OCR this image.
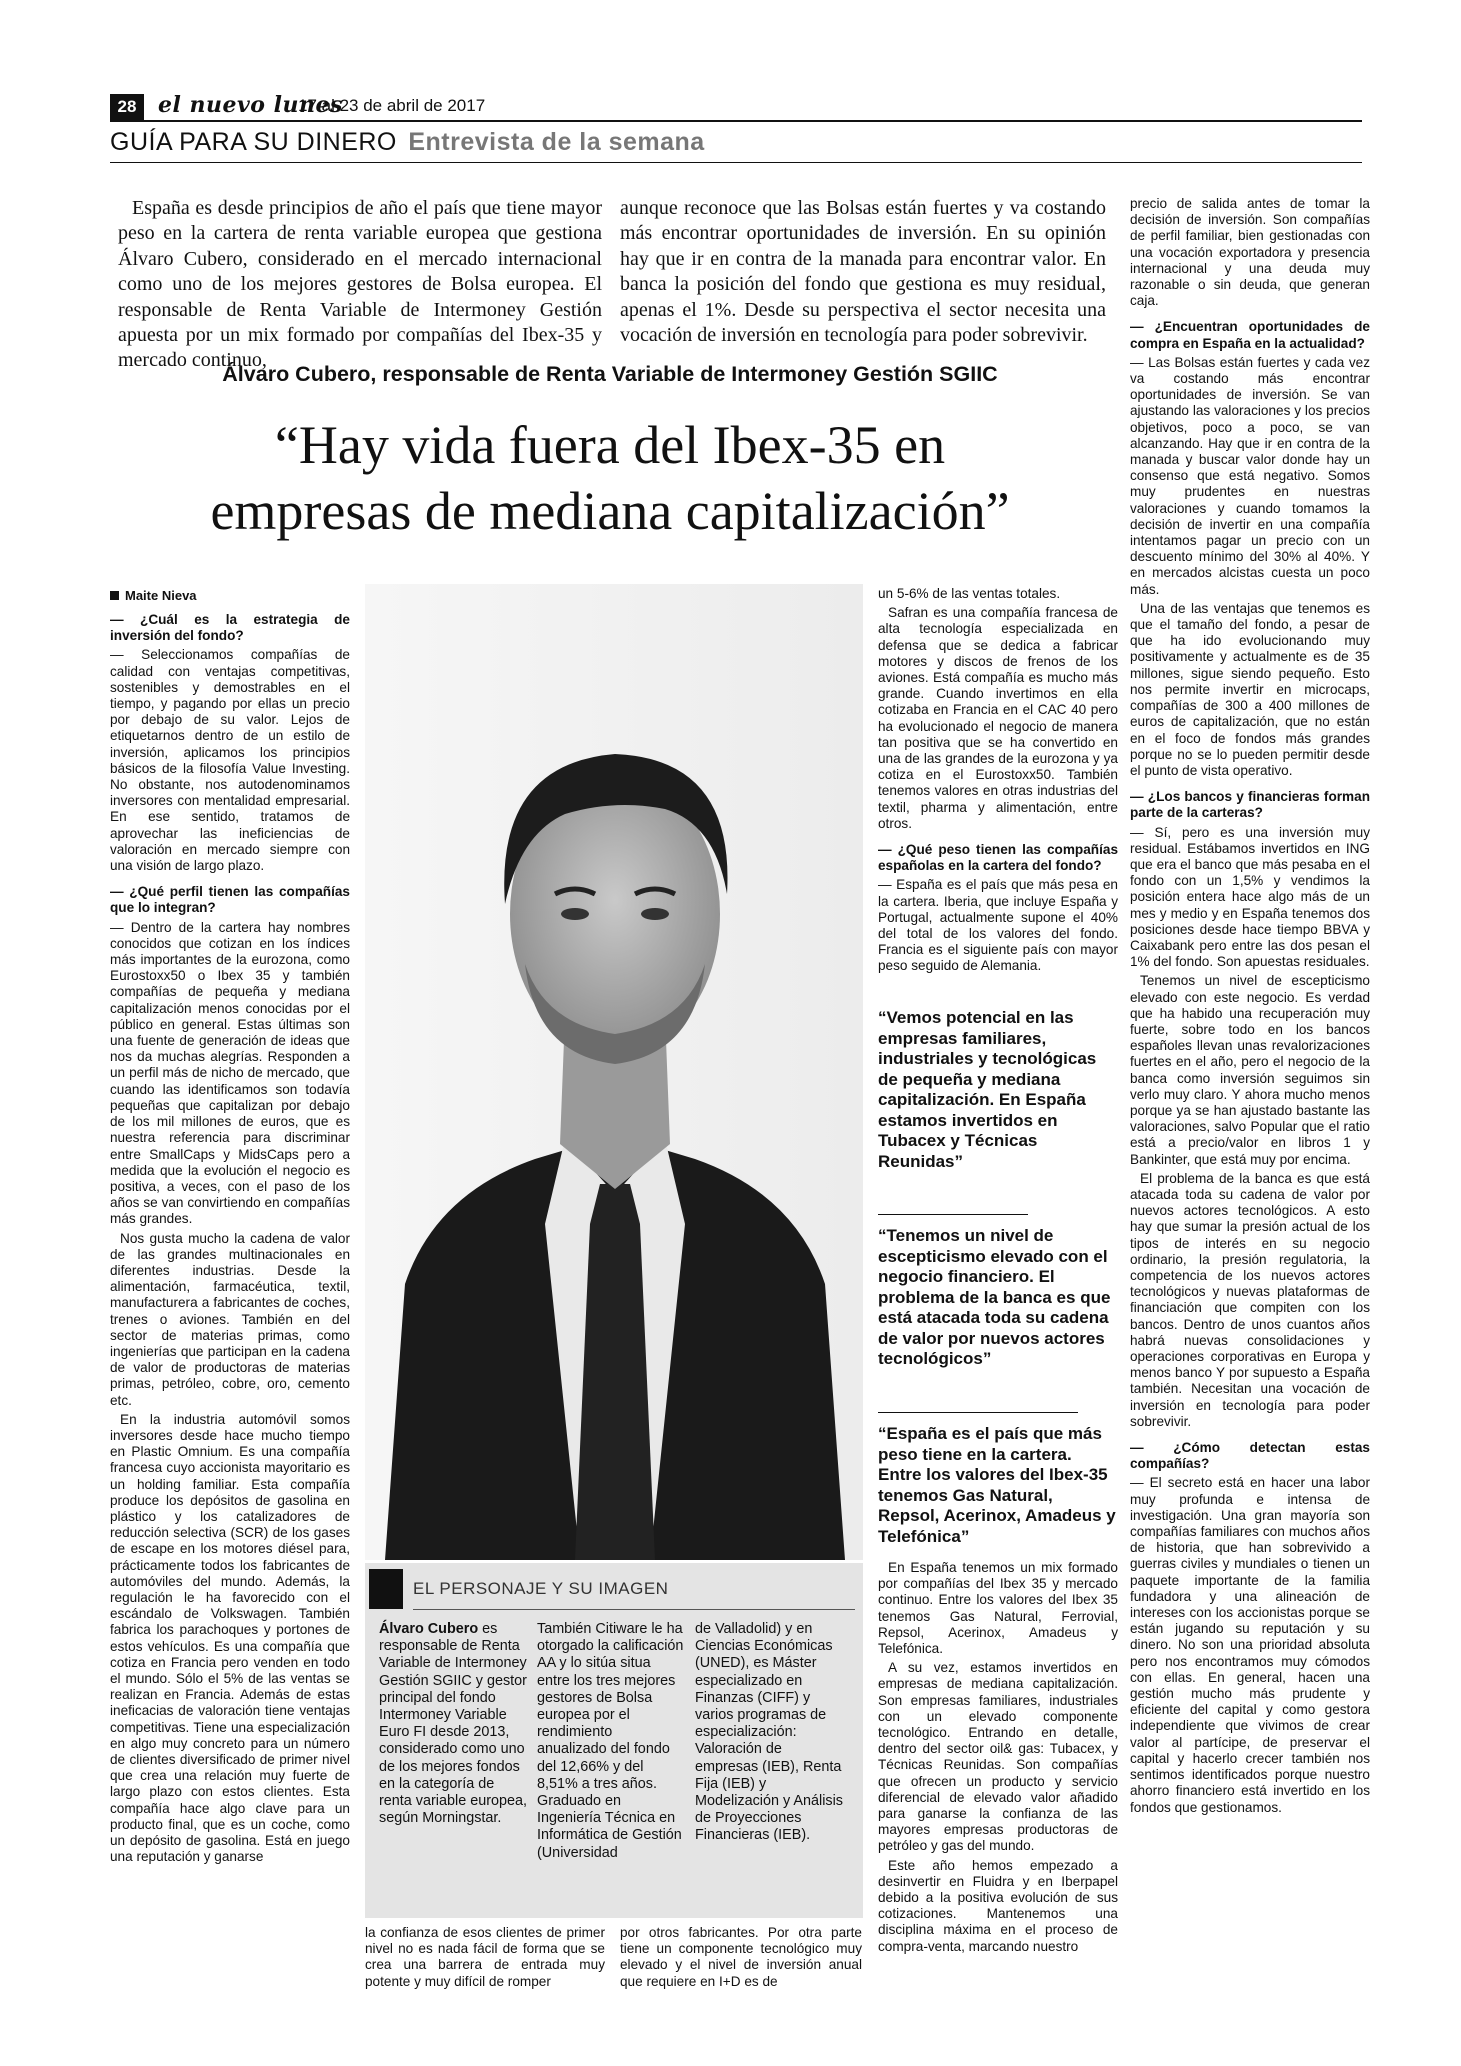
28 el nuevo lunes
17 al 23 de abril de 2017
GUÍA PARA SU DINERO Entrevista de la semana

España es desde principios de año el país que tiene mayor peso en la cartera de renta variable europea que gestiona Álvaro Cubero, considerado en el mercado internacional como uno de los mejores gestores de Bolsa europea. El responsable de Renta Variable de Intermoney Gestión apuesta por un mix formado por compañías del Ibex-35 y mercado continuo,

aunque reconoce que las Bolsas están fuertes y va costando más encontrar oportunidades de inversión. En su opinión hay que ir en contra de la manada para encontrar valor. En banca la posición del fondo que gestiona es muy residual, apenas el 1%. Desde su perspectiva el sector necesita una vocación de inversión en tecnología para poder sobrevivir.

Álvaro Cubero, responsable de Renta Variable de Intermoney Gestión SGIIC
“Hay vida fuera del Ibex-35 en
empresas de mediana capitalización”
Maite Nieva

— ¿Cuál es la estrategia de inversión del fondo?

— Seleccionamos compañías de calidad con ventajas competitivas, sostenibles y demostrables en el tiempo, y pagando por ellas un precio por debajo de su valor. Lejos de etiquetarnos dentro de un estilo de inversión, aplicamos los principios básicos de la filosofía Value Investing. No obstante, nos autodenominamos inversores con mentalidad empresarial. En ese sentido, tratamos de aprovechar las ineficiencias de valoración en mercado siempre con una visión de largo plazo.

— ¿Qué perfil tienen las compañías que lo integran?

— Dentro de la cartera hay nombres conocidos que cotizan en los índices más importantes de la eurozona, como Eurostoxx50 o Ibex 35 y también compañías de pequeña y mediana capitalización menos conocidas por el público en general. Estas últimas son una fuente de generación de ideas que nos da muchas alegrías. Responden a un perfil más de nicho de mercado, que cuando las identificamos son todavía pequeñas que capitalizan por debajo de los mil millones de euros, que es nuestra referencia para discriminar entre SmallCaps y MidsCaps pero a medida que la evolución el negocio es positiva, a veces, con el paso de los años se van convirtiendo en compañías más grandes.

Nos gusta mucho la cadena de valor de las grandes multinacionales en diferentes industrias. Desde la alimentación, farmacéutica, textil, manufacturera a fabricantes de coches, trenes o aviones. También en del sector de materias primas, como ingenierías que participan en la cadena de valor de productoras de materias primas, petróleo, cobre, oro, cemento etc.

En la industria automóvil somos inversores desde hace mucho tiempo en Plastic Omnium. Es una compañía francesa cuyo accionista mayoritario es un holding familiar. Esta compañía produce los depósitos de gasolina en plástico y los catalizadores de reducción selectiva (SCR) de los gases de escape en los motores diésel para, prácticamente todos los fabricantes de automóviles del mundo. Además, la regulación le ha favorecido con el escándalo de Volkswagen. También fabrica los parachoques y portones de estos vehículos. Es una compañía que cotiza en Francia pero venden en todo el mundo. Sólo el 5% de las ventas se realizan en Francia. Además de estas ineficacias de valoración tiene ventajas competitivas. Tiene una especialización en algo muy concreto para un número de clientes diversificado de primer nivel que crea una relación muy fuerte de largo plazo con estos clientes. Esta compañía hace algo clave para un producto final, que es un coche, como un depósito de gasolina. Está en juego una reputación y ganarse

EL PERSONAJE Y SU IMAGEN
Álvaro Cubero es responsable de Renta Variable de Intermoney Gestión SGIIC y gestor principal del fondo Intermoney Variable Euro FI desde 2013, considerado como uno de los mejores fondos en la categoría de renta variable europea, según Morningstar.
También Citiware le ha otorgado la calificación AA y lo sitúa situa entre los tres mejores gestores de Bolsa europea por el rendimiento anualizado del fondo del 12,66% y del 8,51% a tres años. Graduado en Ingeniería Técnica en Informática de Gestión (Universidad
de Valladolid) y en Ciencias Económicas (UNED), es Máster especializado en Finanzas (CIFF) y varios programas de especialización: Valoración de empresas (IEB), Renta Fija (IEB) y Modelización y Análisis de Proyecciones Financieras (IEB).

la confianza de esos clientes de primer nivel no es nada fácil de forma que se crea una barrera de entrada muy potente y muy difícil de romper

por otros fabricantes. Por otra parte tiene un componente tecnológico muy elevado y el nivel de inversión anual que requiere en I+D es de

un 5-6% de las ventas totales.

Safran es una compañía francesa de alta tecnología especializada en defensa que se dedica a fabricar motores y discos de frenos de los aviones. Está compañía es mucho más grande. Cuando invertimos en ella cotizaba en Francia en el CAC 40 pero ha evolucionado el negocio de manera tan positiva que se ha convertido en una de las grandes de la eurozona y ya cotiza en el Eurostoxx50. También tenemos valores en otras industrias del textil, pharma y alimentación, entre otros.

— ¿Qué peso tienen las compañías españolas en la cartera del fondo?

— España es el país que más pesa en la cartera. Iberia, que incluye España y Portugal, actualmente supone el 40% del total de los valores del fondo. Francia es el siguiente país con mayor peso seguido de Alemania.

“Vemos potencial en las empresas familiares, industriales y tecnológicas de pequeña y mediana capitalización. En España estamos invertidos en Tubacex y Técnicas Reunidas”
“Tenemos un nivel de escepticismo elevado con el negocio financiero. El problema de la banca es que está atacada toda su cadena de valor por nuevos actores tecnológicos”
“España es el país que más peso tiene en la cartera. Entre los valores del Ibex-35 tenemos Gas Natural, Repsol, Acerinox, Amadeus y Telefónica”

En España tenemos un mix formado por compañías del Ibex 35 y mercado continuo. Entre los valores del Ibex 35 tenemos Gas Natural, Ferrovial, Repsol, Acerinox, Amadeus y Telefónica.

A su vez, estamos invertidos en empresas de mediana capitalización. Son empresas familiares, industriales con un elevado componente tecnológico. Entrando en detalle, dentro del sector oil& gas: Tubacex, y Técnicas Reunidas. Son compañías que ofrecen un producto y servicio diferencial de elevado valor añadido para ganarse la confianza de las mayores empresas productoras de petróleo y gas del mundo.

Este año hemos empezado a desinvertir en Fluidra y en Iberpapel debido a la positiva evolución de sus cotizaciones. Mantenemos una disciplina máxima en el proceso de compra-venta, marcando nuestro

precio de salida antes de tomar la decisión de inversión. Son compañías de perfil familiar, bien gestionadas con una vocación exportadora y presencia internacional y una deuda muy razonable o sin deuda, que generan caja.

— ¿Encuentran oportunidades de compra en España en la actualidad?

— Las Bolsas están fuertes y cada vez va costando más encontrar oportunidades de inversión. Se van ajustando las valoraciones y los precios objetivos, poco a poco, se van alcanzando. Hay que ir en contra de la manada y buscar valor donde hay un consenso que está negativo. Somos muy prudentes en nuestras valoraciones y cuando tomamos la decisión de invertir en una compañía intentamos pagar un precio con un descuento mínimo del 30% al 40%. Y en mercados alcistas cuesta un poco más.

Una de las ventajas que tenemos es que el tamaño del fondo, a pesar de que ha ido evolucionando muy positivamente y actualmente es de 35 millones, sigue siendo pequeño. Esto nos permite invertir en microcaps, compañías de 300 a 400 millones de euros de capitalización, que no están en el foco de fondos más grandes porque no se lo pueden permitir desde el punto de vista operativo.

— ¿Los bancos y financieras forman parte de la carteras?

— Sí, pero es una inversión muy residual. Estábamos invertidos en ING que era el banco que más pesaba en el fondo con un 1,5% y vendimos la posición entera hace algo más de un mes y medio y en España tenemos dos posiciones desde hace tiempo BBVA y Caixabank pero entre las dos pesan el 1% del fondo. Son apuestas residuales.

Tenemos un nivel de escepticismo elevado con este negocio. Es verdad que ha habido una recuperación muy fuerte, sobre todo en los bancos españoles llevan unas revalorizaciones fuertes en el año, pero el negocio de la banca como inversión seguimos sin verlo muy claro. Y ahora mucho menos porque ya se han ajustado bastante las valoraciones, salvo Popular que el ratio está a precio/valor en libros 1 y Bankinter, que está muy por encima.

El problema de la banca es que está atacada toda su cadena de valor por nuevos actores tecnológicos. A esto hay que sumar la presión actual de los tipos de interés en su negocio ordinario, la presión regulatoria, la competencia de los nuevos actores tecnológicos y nuevas plataformas de financiación que compiten con los bancos. Dentro de unos cuantos años habrá nuevas consolidaciones y operaciones corporativas en Europa y menos banco Y por supuesto a España también. Necesitan una vocación de inversión en tecnología para poder sobrevivir.

— ¿Cómo detectan estas compañías?

— El secreto está en hacer una labor muy profunda e intensa de investigación. Una gran mayoría son compañías familiares con muchos años de historia, que han sobrevivido a guerras civiles y mundiales o tienen un paquete importante de la familia fundadora y una alineación de intereses con los accionistas porque se están jugando su reputación y su dinero. No son una prioridad absoluta pero nos encontramos muy cómodos con ellas. En general, hacen una gestión mucho más prudente y eficiente del capital y como gestora independiente que vivimos de crear valor al partícipe, de preservar el capital y hacerlo crecer también nos sentimos identificados porque nuestro ahorro financiero está invertido en los fondos que gestionamos.
